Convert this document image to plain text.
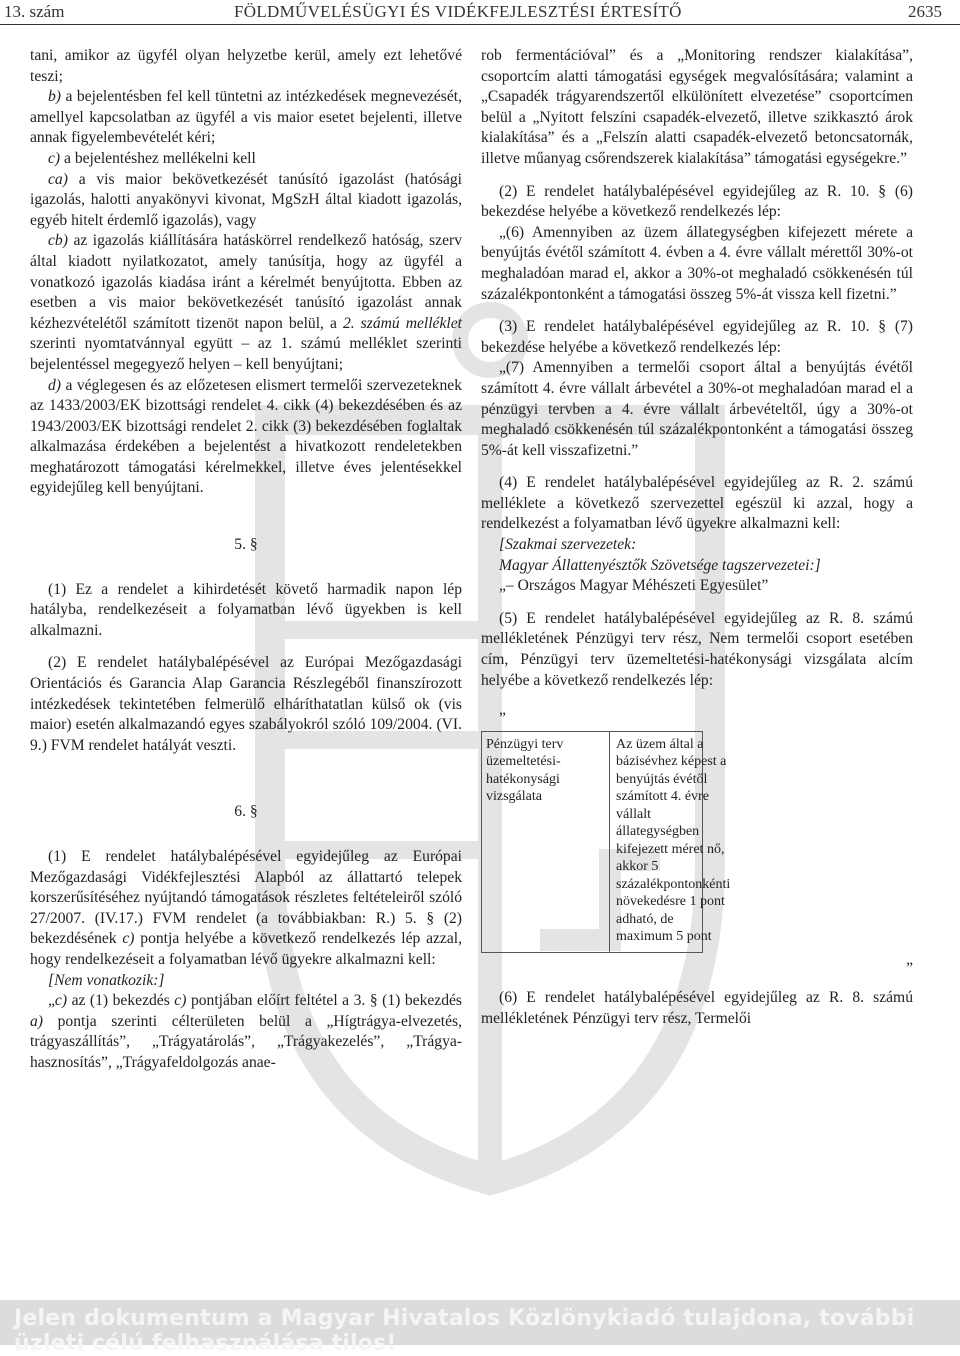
13. szám	FÖLDMŰVELÉSÜGYI ÉS VIDÉKFEJLESZTÉSI ÉRTESÍTŐ	2635

tani, amikor az ügyfél olyan helyzetbe kerül, amely ezt lehetővé teszi;

b) a bejelentésben fel kell tüntetni az intézkedések megnevezését, amellyel kapcsolatban az ügyfél a vis maior esetet bejelenti, illetve annak figyelembevételét kéri;

c) a bejelentéshez mellékelni kell

ca) a vis maior bekövetkezését tanúsító igazolást (hatósági igazolás, halotti anyakönyvi kivonat, MgSzH által kiadott igazolás, egyéb hitelt érdemlő igazolás), vagy

cb) az igazolás kiállítására hatáskörrel rendelkező hatóság, szerv által kiadott nyilatkozatot, amely tanúsítja, hogy az ügyfél a vonatkozó igazolás kiadása iránt a kérelmét benyújtotta. Ebben az esetben a vis maior bekövetkezését tanúsító igazolást annak kézhezvételétől számított tizenöt napon belül, a 2. számú melléklet szerinti nyomtatvánnyal együtt – az 1. számú melléklet szerinti bejelentéssel megegyező helyen – kell benyújtani;

d) a véglegesen és az előzetesen elismert termelői szervezeteknek az 1433/2003/EK bizottsági rendelet 4. cikk (4) bekezdésében és az 1943/2003/EK bizottsági rendelet 2. cikk (3) bekezdésében foglaltak alkalmazása érdekében a bejelentést a hivatkozott rendeletekben meghatározott támogatási kérelmekkel, illetve éves jelentésekkel egyidejűleg kell benyújtani.

5. §

(1) Ez a rendelet a kihirdetését követő harmadik napon lép hatályba, rendelkezéseit a folyamatban lévő ügyekben is kell alkalmazni.

(2) E rendelet hatálybalépésével az Európai Mezőgazdasági Orientációs és Garancia Alap Garancia Részlegéből finanszírozott intézkedések tekintetében felmerülő elháríthatatlan külső ok (vis maior) esetén alkalmazandó egyes szabályokról szóló 109/2004. (VI. 9.) FVM rendelet hatályát veszti.

6. §

(1) E rendelet hatálybalépésével egyidejűleg az Európai Mezőgazdasági Vidékfejlesztési Alapból az állattartó telepek korszerűsítéséhez nyújtandó támogatások részletes feltételeiről szóló 27/2007. (IV.17.) FVM rendelet (a továbbiakban: R.) 5. § (2) bekezdésének c) pontja helyébe a következő rendelkezés lép azzal, hogy rendelkezéseit a folyamatban lévő ügyekre alkalmazni kell:

[Nem vonatkozik:]

„c) az (1) bekezdés c) pontjában előírt feltétel a 3. § (1) bekezdés a) pontja szerinti célterületen belül a „Hígtrágya-elvezetés, trágyaszállítás”, „Trágyatárolás”, „Trágyakezelés”, „Trágya-hasznosítás”, „Trágyafeldolgozás anae-

rob fermentációval” és a „Monitoring rendszer kialakítása”, csoportcím alatti támogatási egységek megvalósítására; valamint a „Csapadék trágyarendszertől elkülönített elvezetése” csoportcímen belül a „Nyitott felszíni csapadék-elvezető, illetve szikkasztó árok kialakítása” és a „Felszín alatti csapadék-elvezető betoncsatornák, illetve műanyag csőrendszerek kialakítása” támogatási egységekre.”

(2) E rendelet hatálybalépésével egyidejűleg az R. 10. § (6) bekezdése helyébe a következő rendelkezés lép:

„(6) Amennyiben az üzem állategységben kifejezett mérete a benyújtás évétől számított 4. évben a 4. évre vállalt mérettől 30%-ot meghaladóan marad el, akkor a 30%-ot meghaladó csökkenésén túl százalékpontonként a támogatási összeg 5%-át vissza kell fizetni.”

(3) E rendelet hatálybalépésével egyidejűleg az R. 10. § (7) bekezdése helyébe a következő rendelkezés lép:

„(7) Amennyiben a termelői csoport által a benyújtás évétől számított 4. évre vállalt árbevétel a 30%-ot meghaladóan marad el a pénzügyi tervben a 4. évre vállalt árbevételtől, úgy a 30%-ot meghaladó csökkenésén túl százalékpontonként a támogatási összeg 5%-át kell visszafizetni.”

(4) E rendelet hatálybalépésével egyidejűleg az R. 2. számú melléklete a következő szervezettel egészül ki azzal, hogy a rendelkezést a folyamatban lévő ügyekre alkalmazni kell:

[Szakmai szervezetek:

Magyar Állattenyésztők Szövetsége tagszervezetei:]

„– Országos Magyar Méhészeti Egyesület”

(5) E rendelet hatálybalépésével egyidejűleg az R. 8. számú mellékletének Pénzügyi terv rész, Nem termelői csoport esetében cím, Pénzügyi terv üzemeltetési-hatékonysági vizsgálata alcím helyébe a következő rendelkezés lép:

„

Pénzügyi terv üzemeltetési-hatékonysági vizsgálata
Az üzem által a bázisévhez képest a benyújtás évétől számított 4. évre vállalt állategységben kifejezett méret nő, akkor 5 százalékpontonkénti növekedésre 1 pont adható, de maximum 5 pont

”

(6) E rendelet hatálybalépésével egyidejűleg az R. 8. számú mellékletének Pénzügyi terv rész, Termelői

Jelen dokumentum a Magyar Hivatalos Közlönykiadó tulajdona, további üzleti célú felhasználása tilos!
